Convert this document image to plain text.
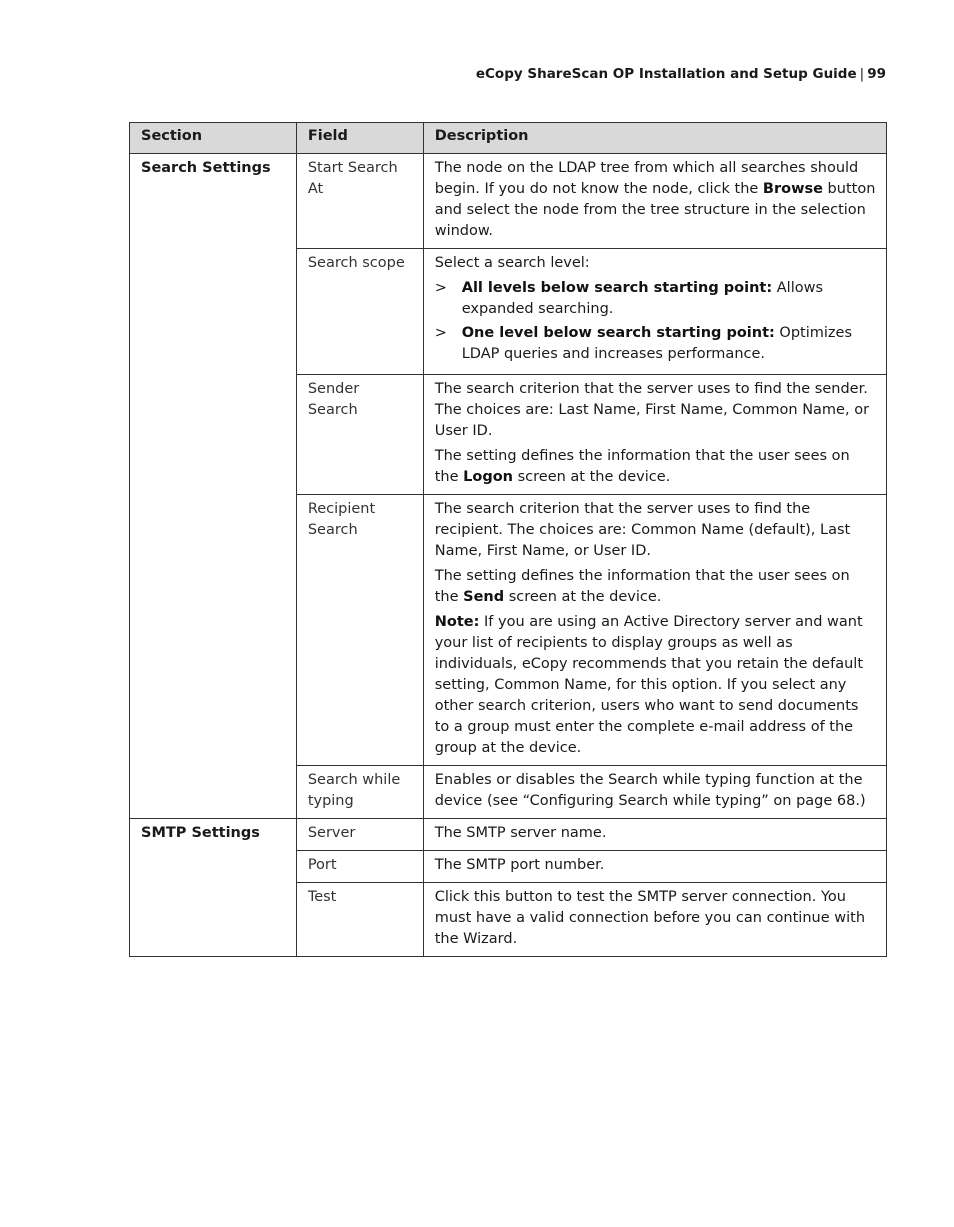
eCopy ShareScan OP Installation and Setup Guide | 99
Section	Field	Description
Search Settings	Start Search At	The node on the LDAP tree from which all searches should begin. If you do not know the node, click the Browse button and select the node from the tree structure in the selection window.
	Search scope	Select a search level:

> All levels below search starting point: Allows expanded searching.
> One level below search starting point: Optimizes LDAP queries and increases performance.

	Sender Search	The search criterion that the server uses to find the sender. The choices are: Last Name, First Name, Common Name, or User ID.

The setting defines the information that the user sees on the Logon screen at the device.

	Recipient Search	The search criterion that the server uses to find the recipient. The choices are: Common Name (default), Last Name, First Name, or User ID.

The setting defines the information that the user sees on the Send screen at the device.

Note: If you are using an Active Directory server and want your list of recipients to display groups as well as individuals, eCopy recommends that you retain the default setting, Common Name, for this option. If you select any other search criterion, users who want to send documents to a group must enter the complete e-mail address of the group at the device.

	Search while typing	Enables or disables the Search while typing function at the device (see “Configuring Search while typing” on page 68.)
SMTP Settings	Server	The SMTP server name.
	Port	The SMTP port number.
	Test	Click this button to test the SMTP server connection. You must have a valid connection before you can continue with the Wizard.
